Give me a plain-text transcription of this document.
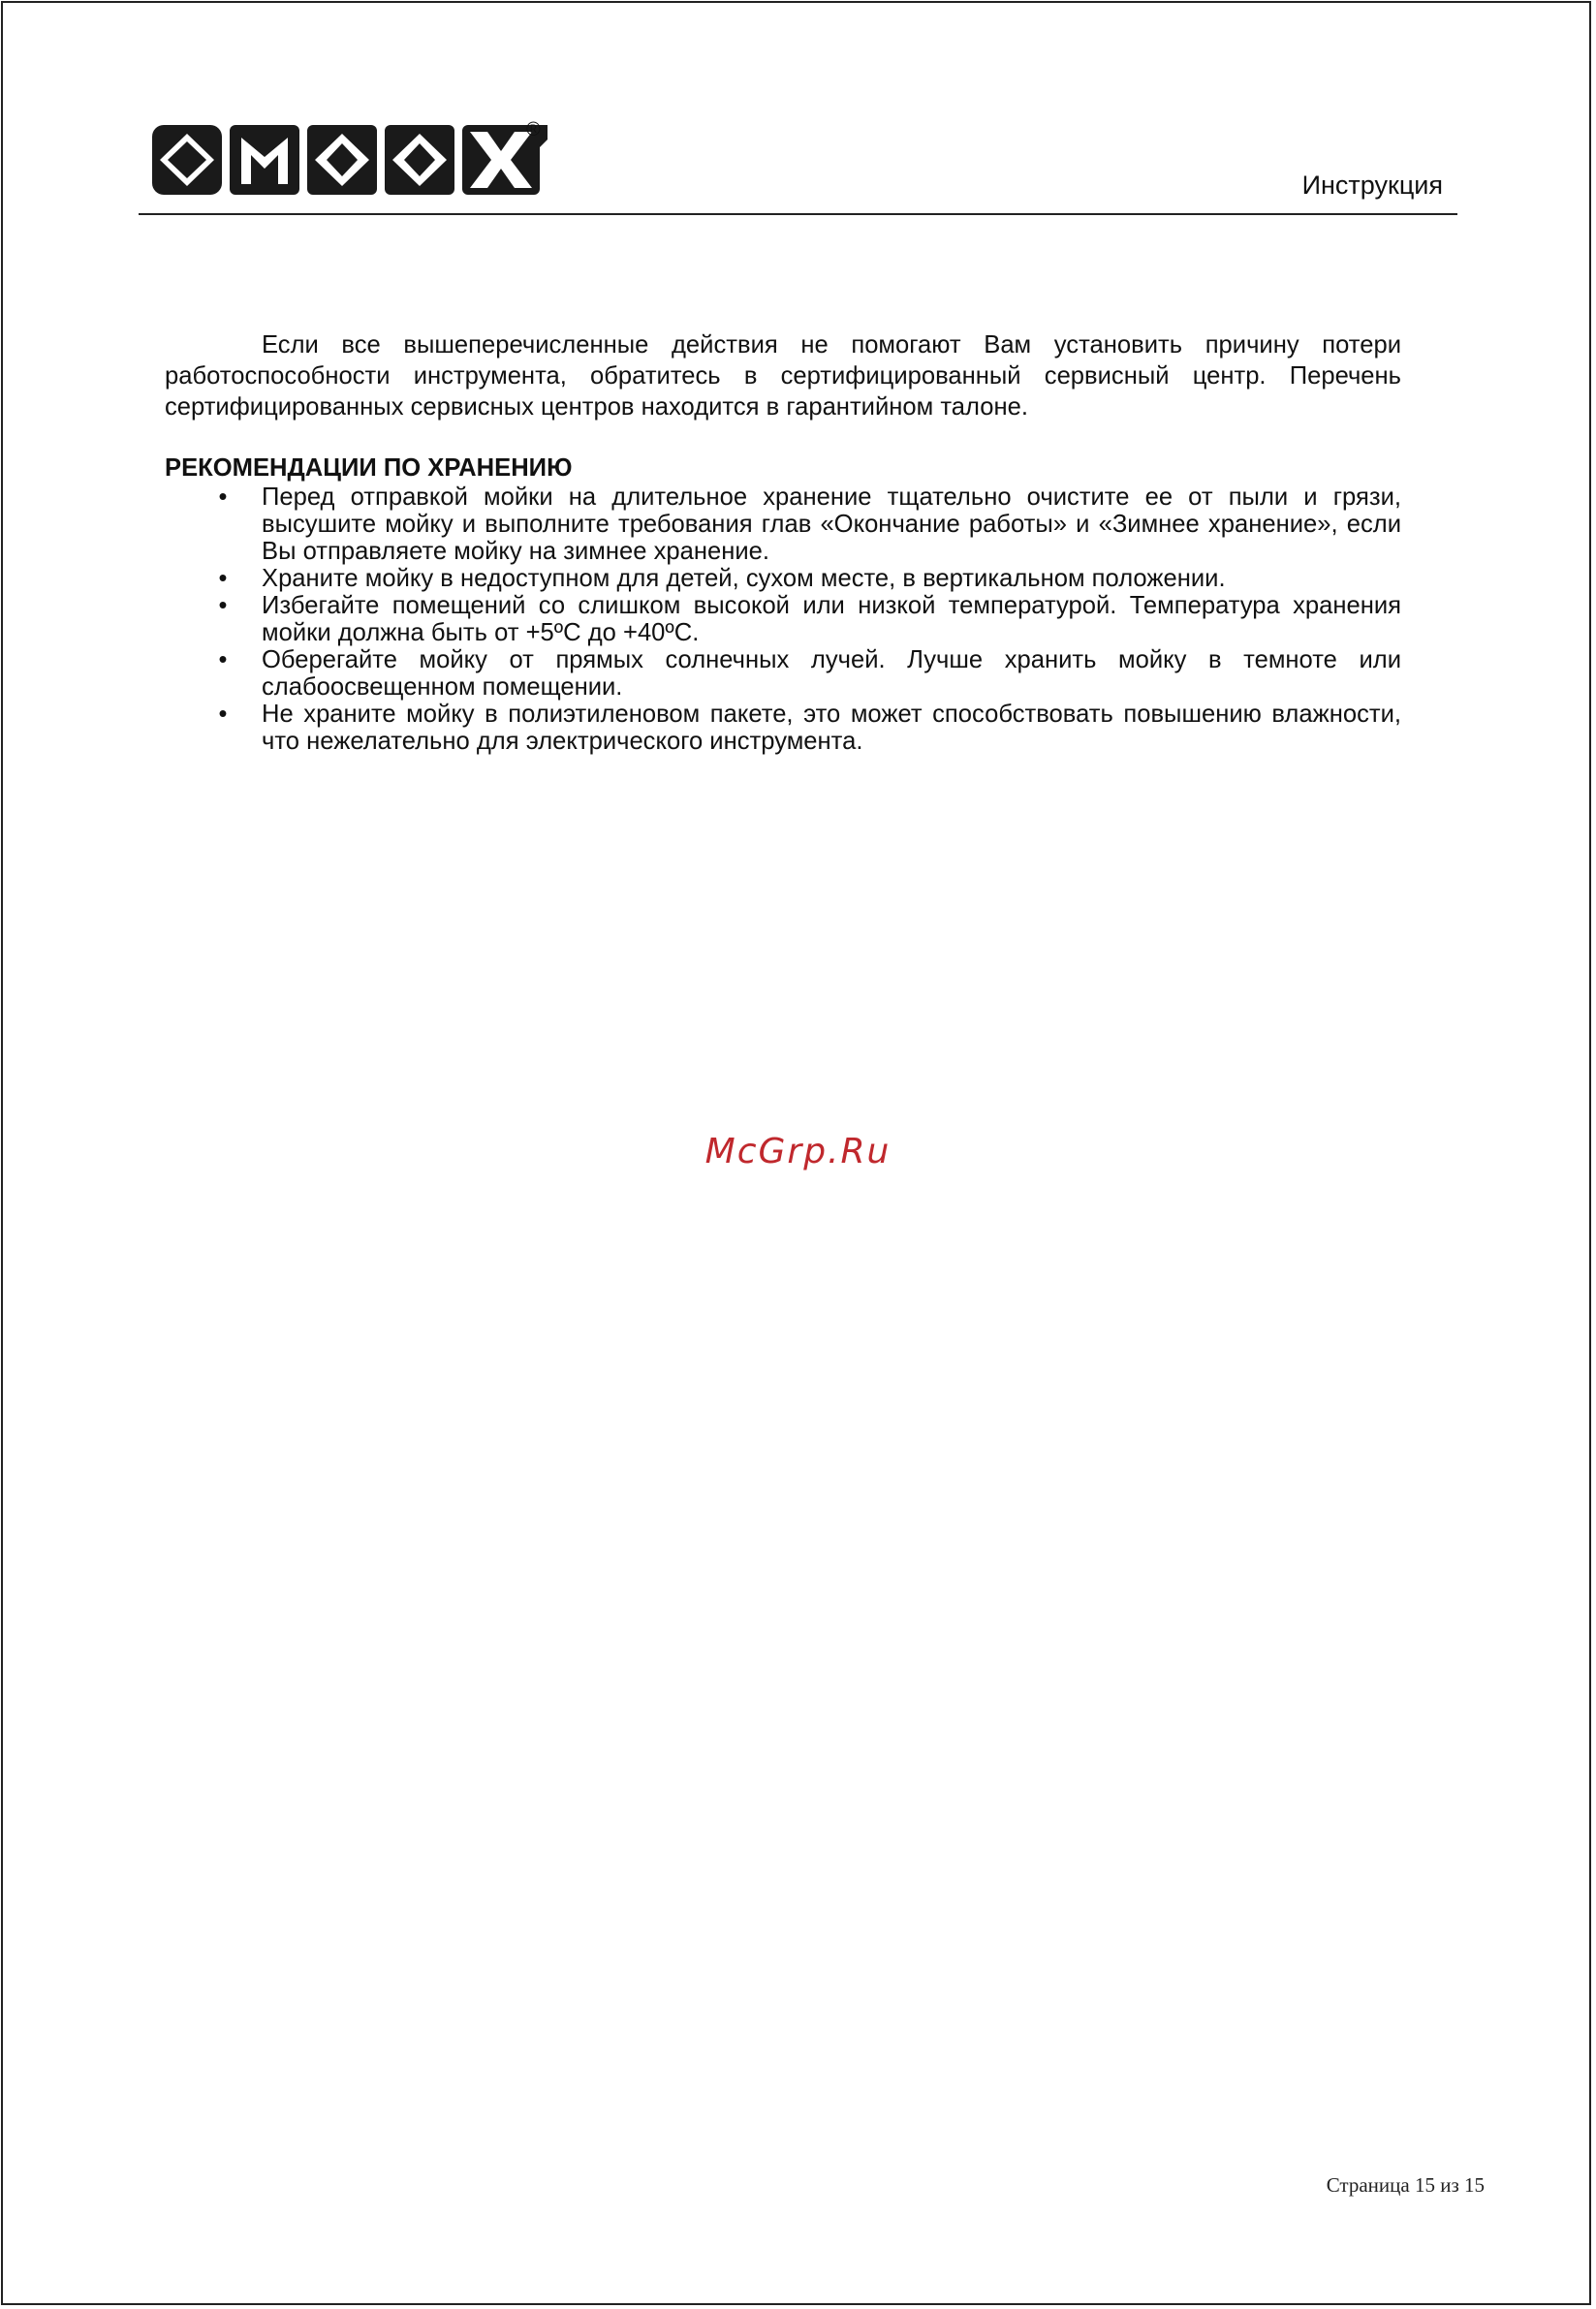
®
Инструкция

Если все вышеперечисленные действия не помогают Вам установить причину потери работоспособности инструмента, обратитесь в сертифицированный сервисный центр. Перечень сертифицированных сервисных центров находится в гарантийном талоне.

РЕКОМЕНДАЦИИ ПО ХРАНЕНИЮ
• Перед отправкой мойки на длительное хранение тщательно очистите ее от пыли и грязи, высушите мойку и выполните требования глав «Окончание работы» и «Зимнее хранение», если Вы отправляете мойку на зимнее хранение.
• Храните мойку в недоступном для детей, сухом месте, в вертикальном положении.
• Избегайте помещений со слишком высокой или низкой температурой. Температура хранения мойки должна быть от +5ºС до +40ºС.
• Оберегайте мойку от прямых солнечных лучей. Лучше хранить мойку в темноте или слабоосвещенном помещении.
• Не храните мойку в полиэтиленовом пакете, это может способствовать повышению влажности, что нежелательно для электрического инструмента.
McGrp.Ru
Страница 15 из 15
